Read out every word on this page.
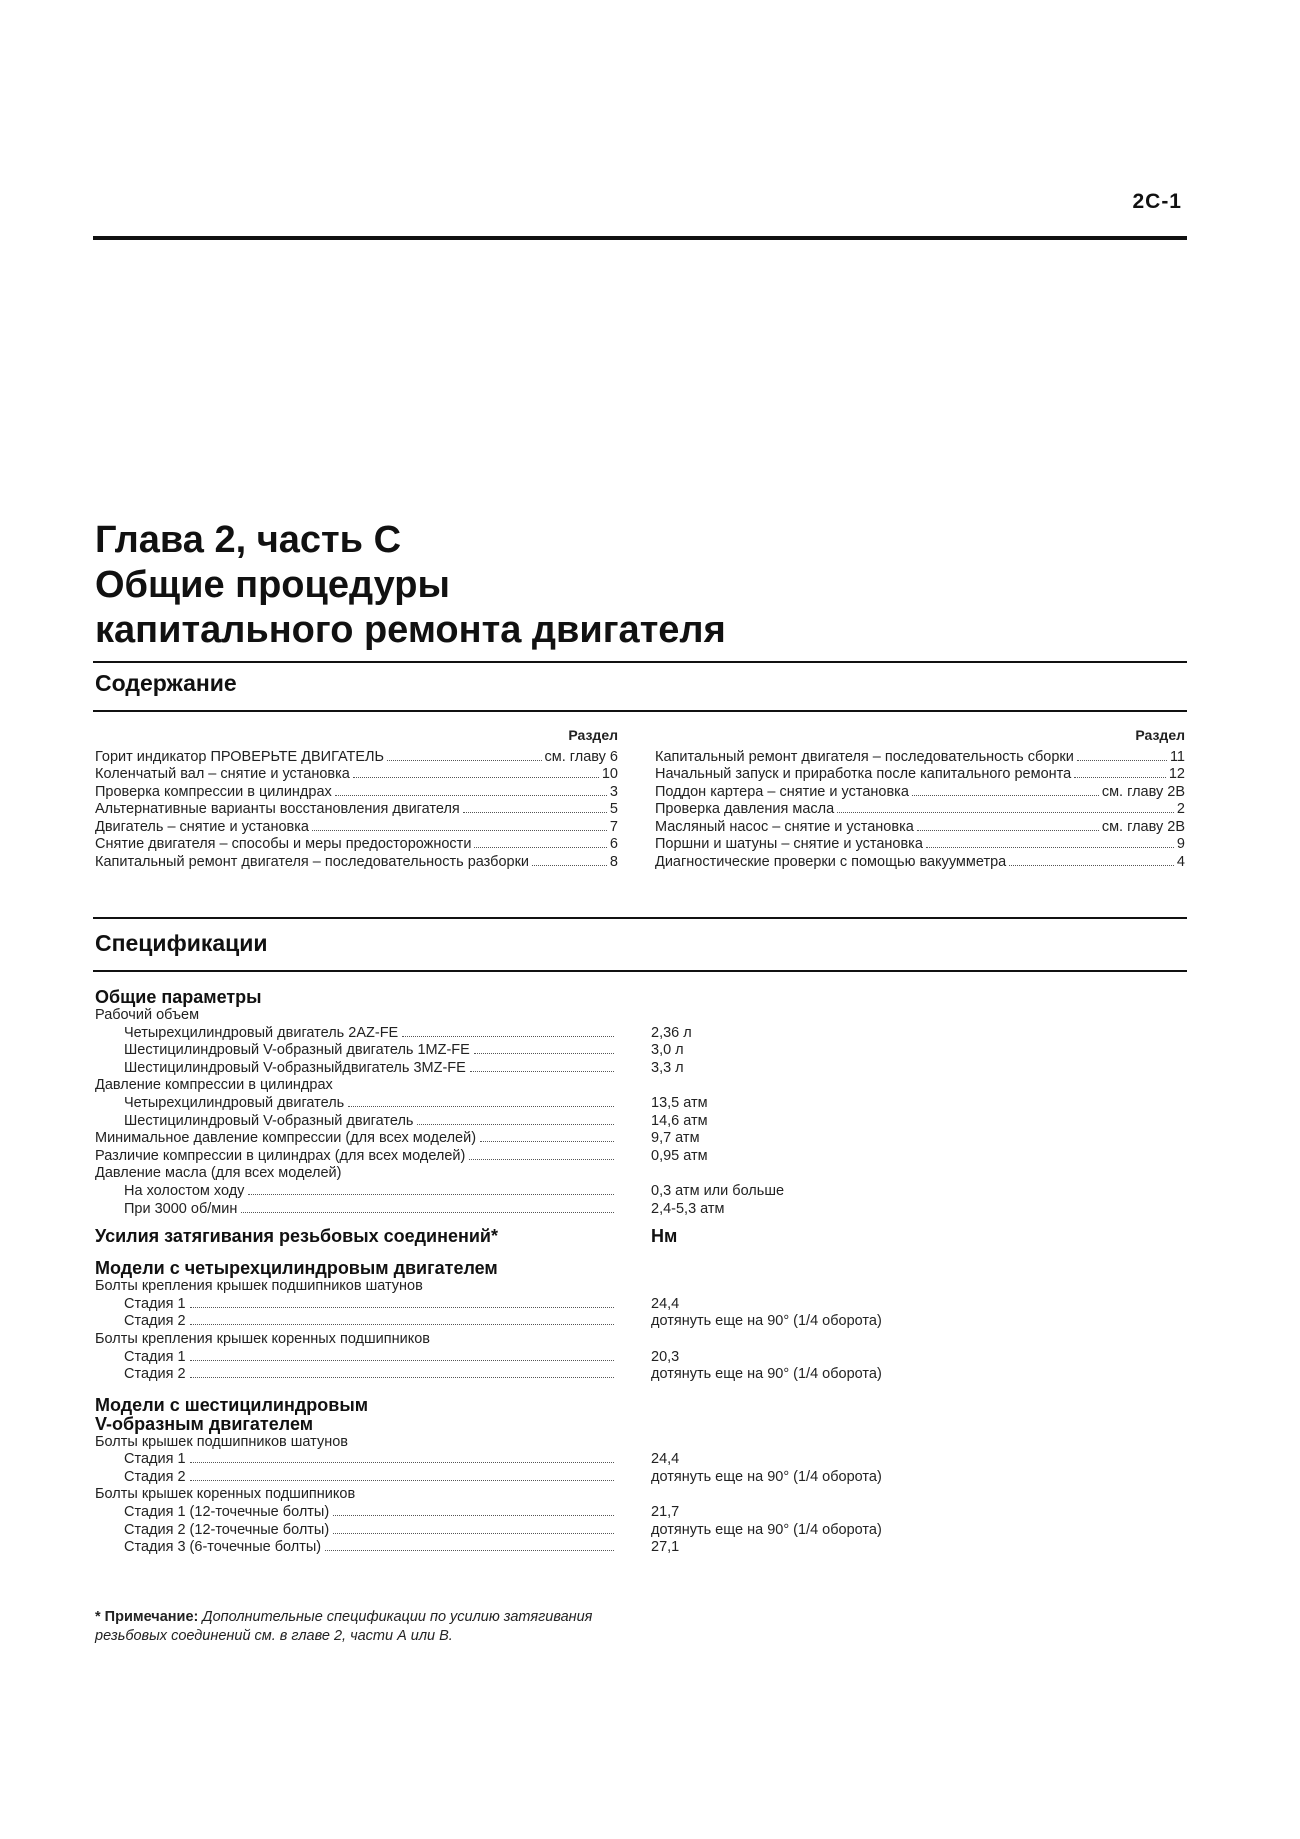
2C-1
Глава 2, часть С
Общие процедуры
капитального ремонта двигателя
Содержание
Раздел
Горит индикатор ПРОВЕРЬТЕ ДВИГАТЕЛЬ	см. главу 6
Коленчатый вал – снятие и установка	10
Проверка компрессии в цилиндрах	3
Альтернативные варианты восстановления двигателя	5
Двигатель – снятие и установка	7
Снятие двигателя – способы и меры предосторожности	6
Капитальный ремонт двигателя – последовательность разборки	8
Раздел
Капитальный ремонт двигателя – последовательность сборки	11
Начальный запуск и приработка после капитального ремонта	12
Поддон картера – снятие и установка	см. главу 2В
Проверка давления масла	2
Масляный насос – снятие и установка	см. главу 2В
Поршни и шатуны – снятие и установка	9
Диагностические проверки с помощью вакуумметра	4
Спецификации
Общие параметры
Рабочий объем
Четырехцилиндровый двигатель 2AZ-FE	2,36 л
Шестицилиндровый V-образный двигатель 1MZ-FE	3,0 л
Шестицилиндровый V-образныйдвигатель 3MZ-FE	3,3 л
Давление компрессии в цилиндрах
Четырехцилиндровый двигатель	13,5 атм
Шестицилиндровый V-образный двигатель	14,6 атм
Минимальное давление компрессии (для всех моделей)	9,7 атм
Различие компрессии в цилиндрах (для всех моделей)	0,95 атм
Давление масла (для всех моделей)
На холостом ходу	0,3 атм или больше
При 3000 об/мин	2,4-5,3 атм
Усилия затягивания резьбовых соединений*	Нм
Модели с четырехцилиндровым двигателем
Болты крепления крышек подшипников шатунов
Стадия 1	24,4
Стадия 2	дотянуть еще на 90° (1/4 оборота)
Болты крепления крышек коренных подшипников
Стадия 1	20,3
Стадия 2	дотянуть еще на 90° (1/4 оборота)
Модели с шестицилиндровым
V-образным двигателем
Болты крышек подшипников шатунов
Стадия 1	24,4
Стадия 2	дотянуть еще на 90° (1/4 оборота)
Болты крышек коренных подшипников
Стадия 1 (12-точечные болты)	21,7
Стадия 2 (12-точечные болты)	дотянуть еще на 90° (1/4 оборота)
Стадия 3 (6-точечные болты)	27,1
* Примечание: Дополнительные спецификации по усилию затягивания резьбовых соединений см. в главе 2, части А или В.
